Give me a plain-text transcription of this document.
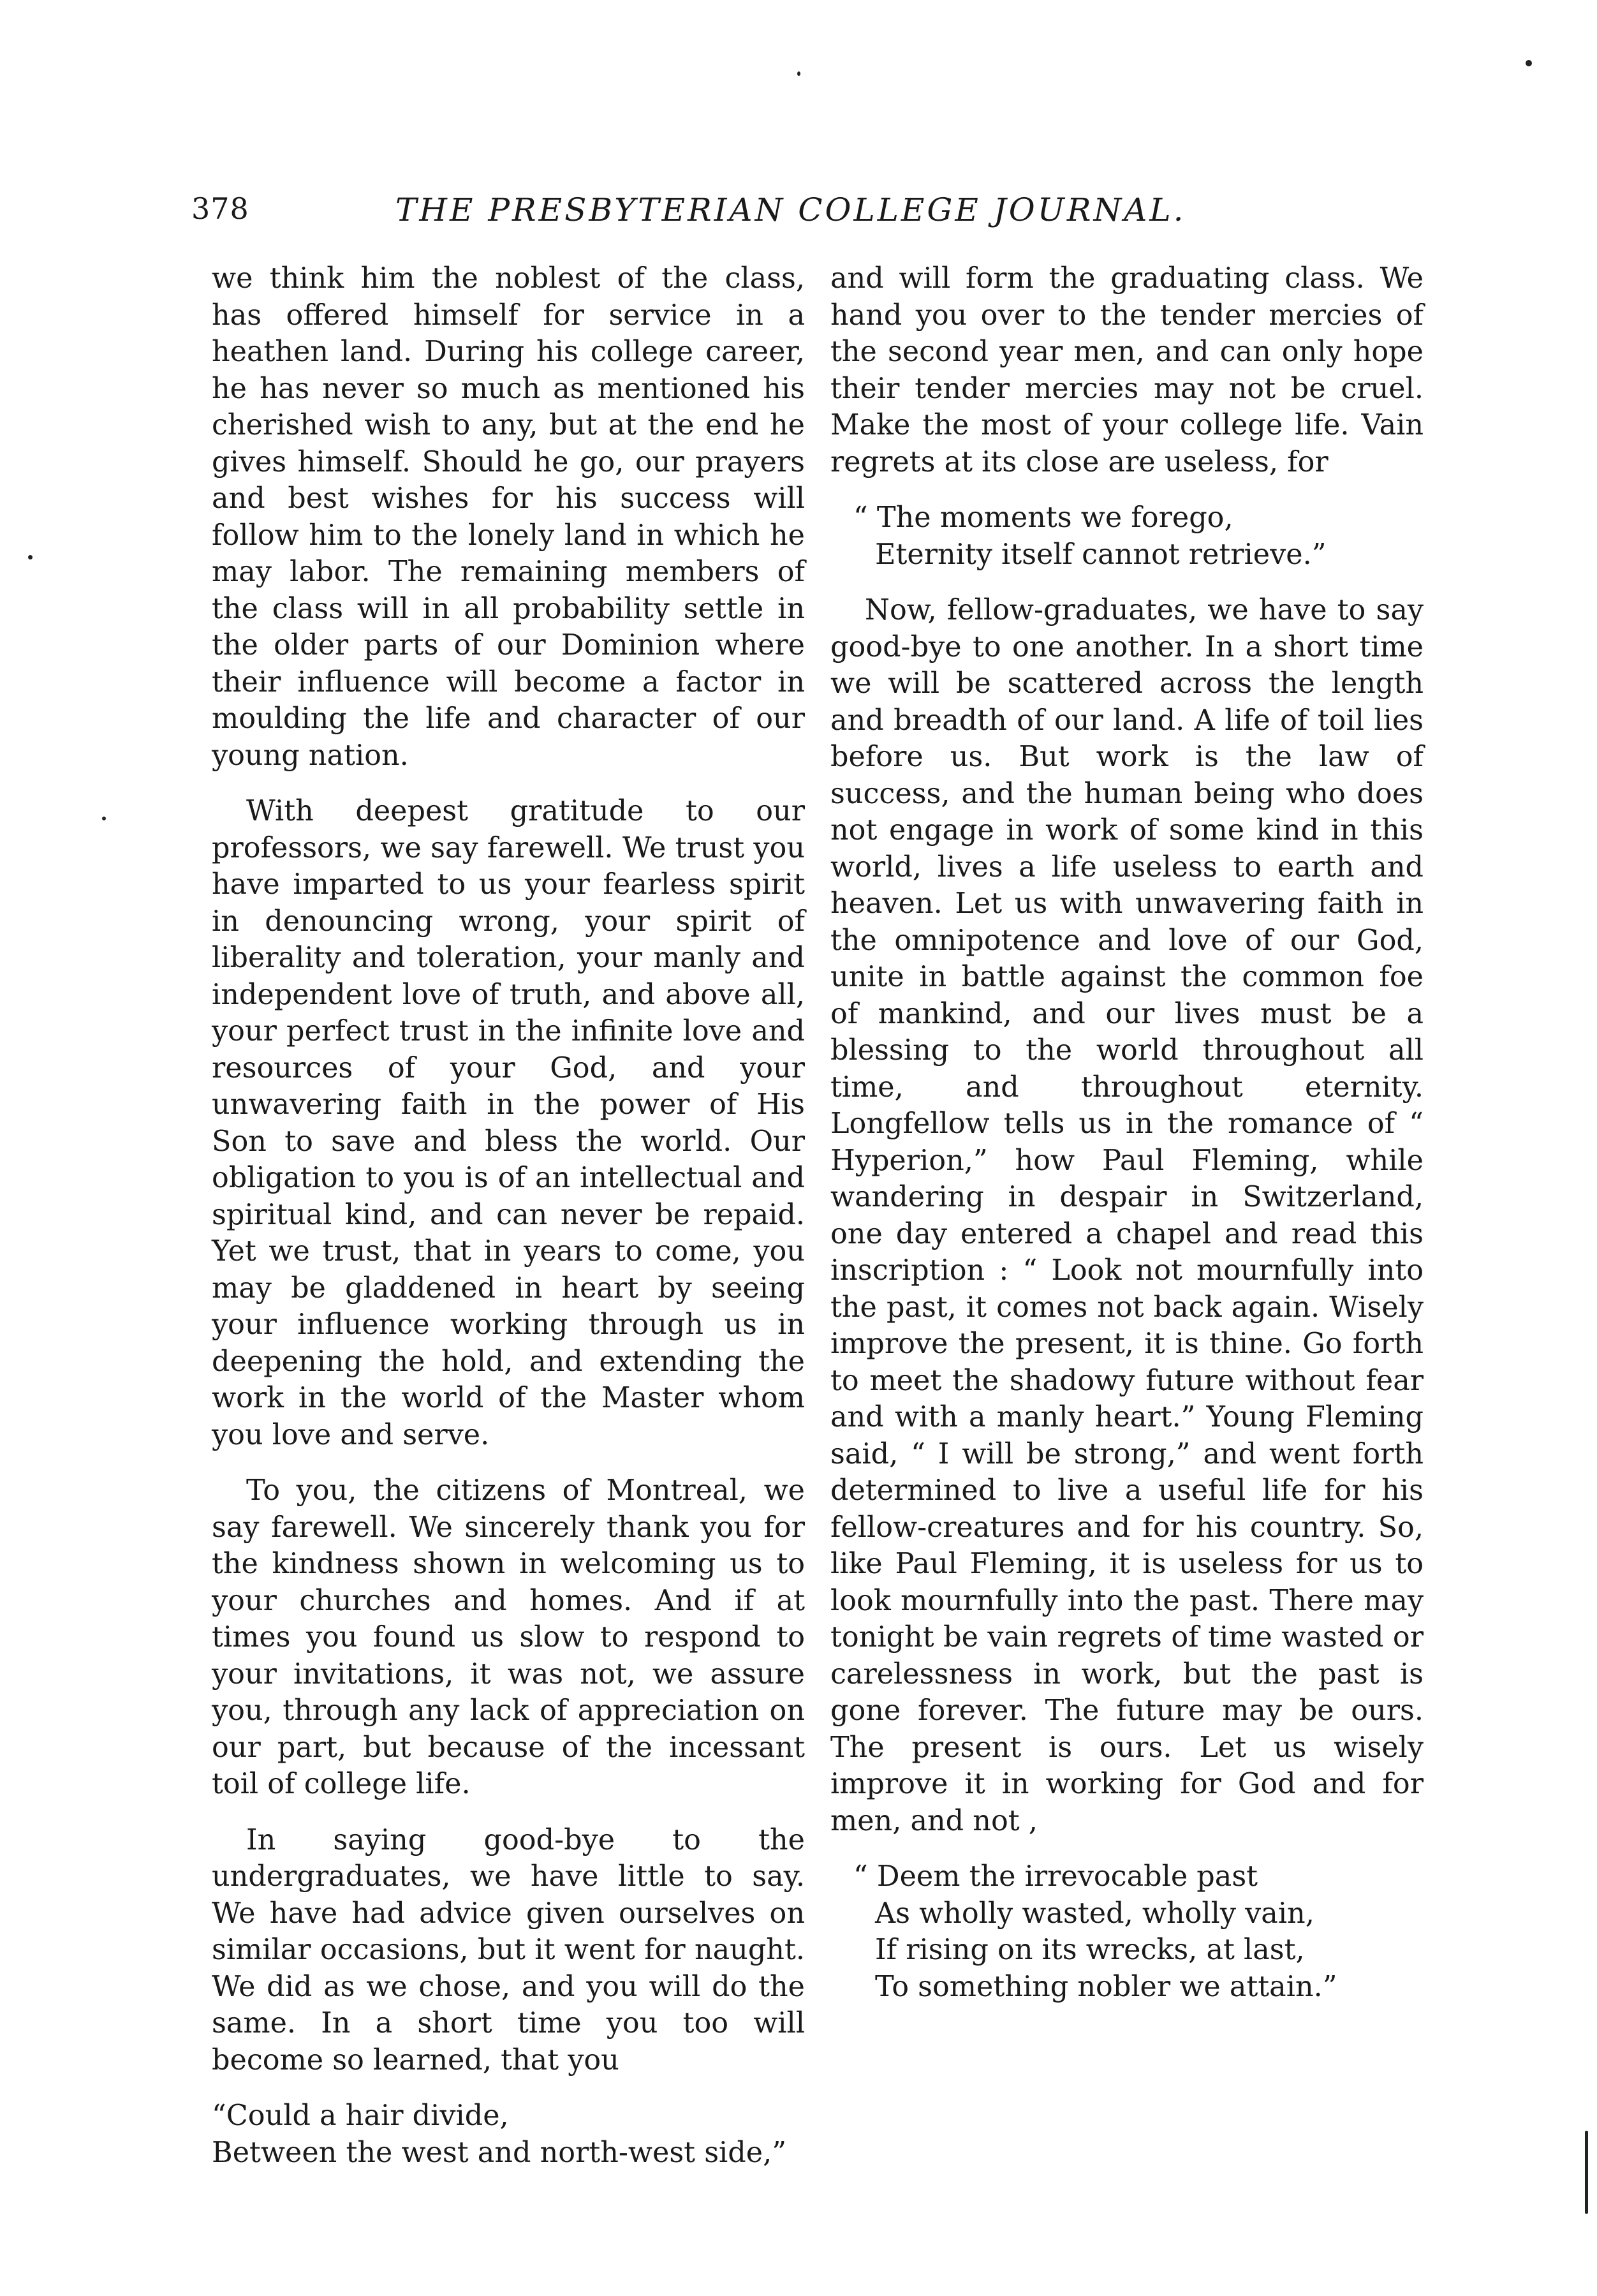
378	THE PRESBYTERIAN COLLEGE JOURNAL.

we think him the noblest of the class, has offered himself for service in a heathen land. During his college career, he has never so much as mentioned his cherished wish to any, but at the end he gives himself. Should he go, our prayers and best wishes for his success will follow him to the lonely land in which he may labor. The remaining members of the class will in all probability settle in the older parts of our Dominion where their influence will become a factor in moulding the life and character of our young nation.

With deepest gratitude to our professors, we say farewell. We trust you have imparted to us your fearless spirit in denouncing wrong, your spirit of liberality and toleration, your manly and independent love of truth, and above all, your perfect trust in the infinite love and resources of your God, and your unwavering faith in the power of His Son to save and bless the world. Our obligation to you is of an intellectual and spiritual kind, and can never be repaid. Yet we trust, that in years to come, you may be gladdened in heart by seeing your influence working through us in deepening the hold, and extending the work in the world of the Master whom you love and serve.

To you, the citizens of Montreal, we say farewell. We sincerely thank you for the kindness shown in welcoming us to your churches and homes. And if at times you found us slow to respond to your invitations, it was not, we assure you, through any lack of appreciation on our part, but because of the incessant toil of college life.

In saying good-bye to the undergraduates, we have little to say. We have had advice given ourselves on similar occasions, but it went for naught. We did as we chose, and you will do the same. In a short time you too will become so learned, that you

“Could a hair divide,
Between the west and north-west side,”

and will form the graduating class. We hand you over to the tender mercies of the second year men, and can only hope their tender mercies may not be cruel. Make the most of your college life. Vain regrets at its close are useless, for

“ The moments we forego,
Eternity itself cannot retrieve.”

Now, fellow-graduates, we have to say good-bye to one another. In a short time we will be scattered across the length and breadth of our land. A life of toil lies before us. But work is the law of success, and the human being who does not engage in work of some kind in this world, lives a life useless to earth and heaven. Let us with unwavering faith in the omnipotence and love of our God, unite in battle against the common foe of mankind, and our lives must be a blessing to the world throughout all time, and throughout eternity. Longfellow tells us in the romance of “ Hyperion,” how Paul Fleming, while wandering in despair in Switzerland, one day entered a chapel and read this inscription : “ Look not mournfully into the past, it comes not back again. Wisely improve the present, it is thine. Go forth to meet the shadowy future without fear and with a manly heart.” Young Fleming said, “ I will be strong,” and went forth determined to live a useful life for his fellow-creatures and for his country. So, like Paul Fleming, it is useless for us to look mournfully into the past. There may tonight be vain regrets of time wasted or carelessness in work, but the past is gone forever. The future may be ours. The present is ours. Let us wisely improve it in working for God and for men, and not ,

“ Deem the irrevocable past
As wholly wasted, wholly vain,
If rising on its wrecks, at last,
To something nobler we attain.”
